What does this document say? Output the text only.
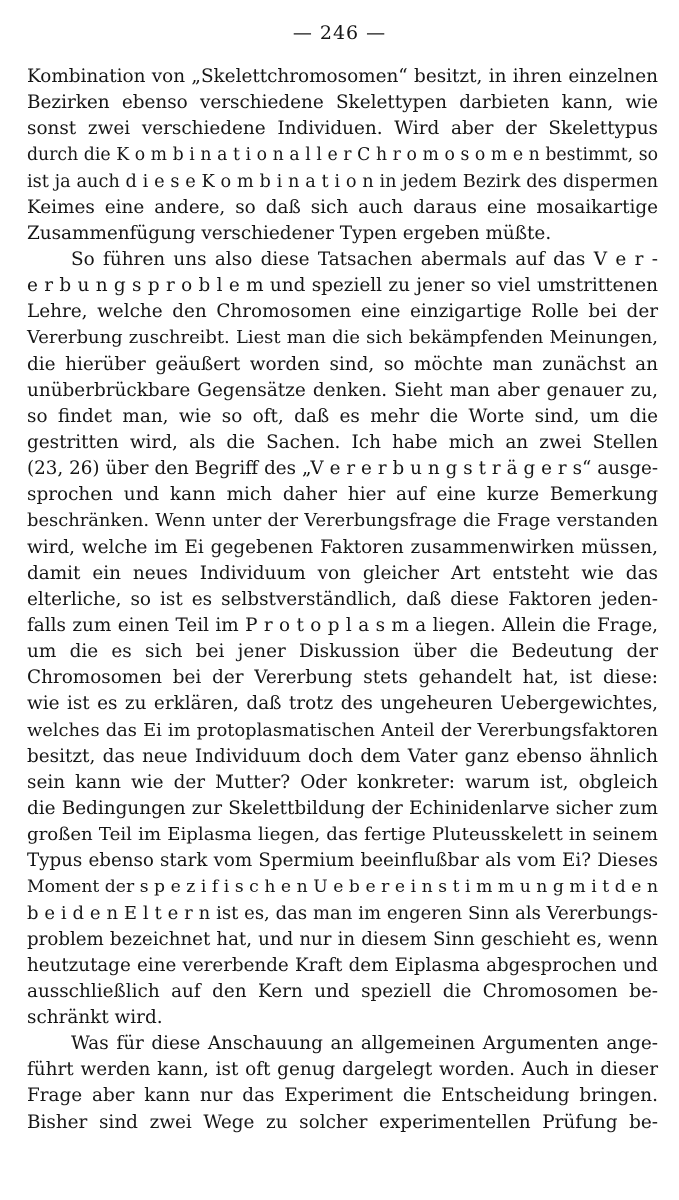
— 246 —
Kombination von „Skelettchromosomen“ besitzt, in ihren einzelnen
Bezirken ebenso verschiedene Skelettypen darbieten kann, wie
sonst zwei verschiedene Individuen. Wird aber der Skelettypus
durch die K o m b i n a t i o n a l l e r C h r o m o s o m e n bestimmt, so
ist ja auch d i e s e K o m b i n a t i o n in jedem Bezirk des dispermen
Keimes eine andere, so daß sich auch daraus eine mosaikartige
Zusammenfügung verschiedener Typen ergeben müßte.
So führen uns also diese Tatsachen abermals auf das V e r -
e r b u n g s p r o b l e m und speziell zu jener so viel umstrittenen
Lehre, welche den Chromosomen eine einzigartige Rolle bei der
Vererbung zuschreibt. Liest man die sich bekämpfenden Meinungen,
die hierüber geäußert worden sind, so möchte man zunächst an
unüberbrückbare Gegensätze denken. Sieht man aber genauer zu,
so findet man, wie so oft, daß es mehr die Worte sind, um die
gestritten wird, als die Sachen. Ich habe mich an zwei Stellen
(23, 26) über den Begriff des „V e r e r b u n g s t r ä g e r s“ ausge-
sprochen und kann mich daher hier auf eine kurze Bemerkung
beschränken. Wenn unter der Vererbungsfrage die Frage verstanden
wird, welche im Ei gegebenen Faktoren zusammenwirken müssen,
damit ein neues Individuum von gleicher Art entsteht wie das
elterliche, so ist es selbstverständlich, daß diese Faktoren jeden-
falls zum einen Teil im P r o t o p l a s m a liegen. Allein die Frage,
um die es sich bei jener Diskussion über die Bedeutung der
Chromosomen bei der Vererbung stets gehandelt hat, ist diese:
wie ist es zu erklären, daß trotz des ungeheuren Uebergewichtes,
welches das Ei im protoplasmatischen Anteil der Vererbungsfaktoren
besitzt, das neue Individuum doch dem Vater ganz ebenso ähnlich
sein kann wie der Mutter? Oder konkreter: warum ist, obgleich
die Bedingungen zur Skelettbildung der Echinidenlarve sicher zum
großen Teil im Eiplasma liegen, das fertige Pluteusskelett in seinem
Typus ebenso stark vom Spermium beeinflußbar als vom Ei? Dieses
Moment der s p e z i f i s c h e n U e b e r e i n s t i m m u n g m i t d e n
b e i d e n E l t e r n ist es, das man im engeren Sinn als Vererbungs-
problem bezeichnet hat, und nur in diesem Sinn geschieht es, wenn
heutzutage eine vererbende Kraft dem Eiplasma abgesprochen und
ausschließlich auf den Kern und speziell die Chromosomen be-
schränkt wird.
Was für diese Anschauung an allgemeinen Argumenten ange-
führt werden kann, ist oft genug dargelegt worden. Auch in dieser
Frage aber kann nur das Experiment die Entscheidung bringen.
Bisher sind zwei Wege zu solcher experimentellen Prüfung be-
